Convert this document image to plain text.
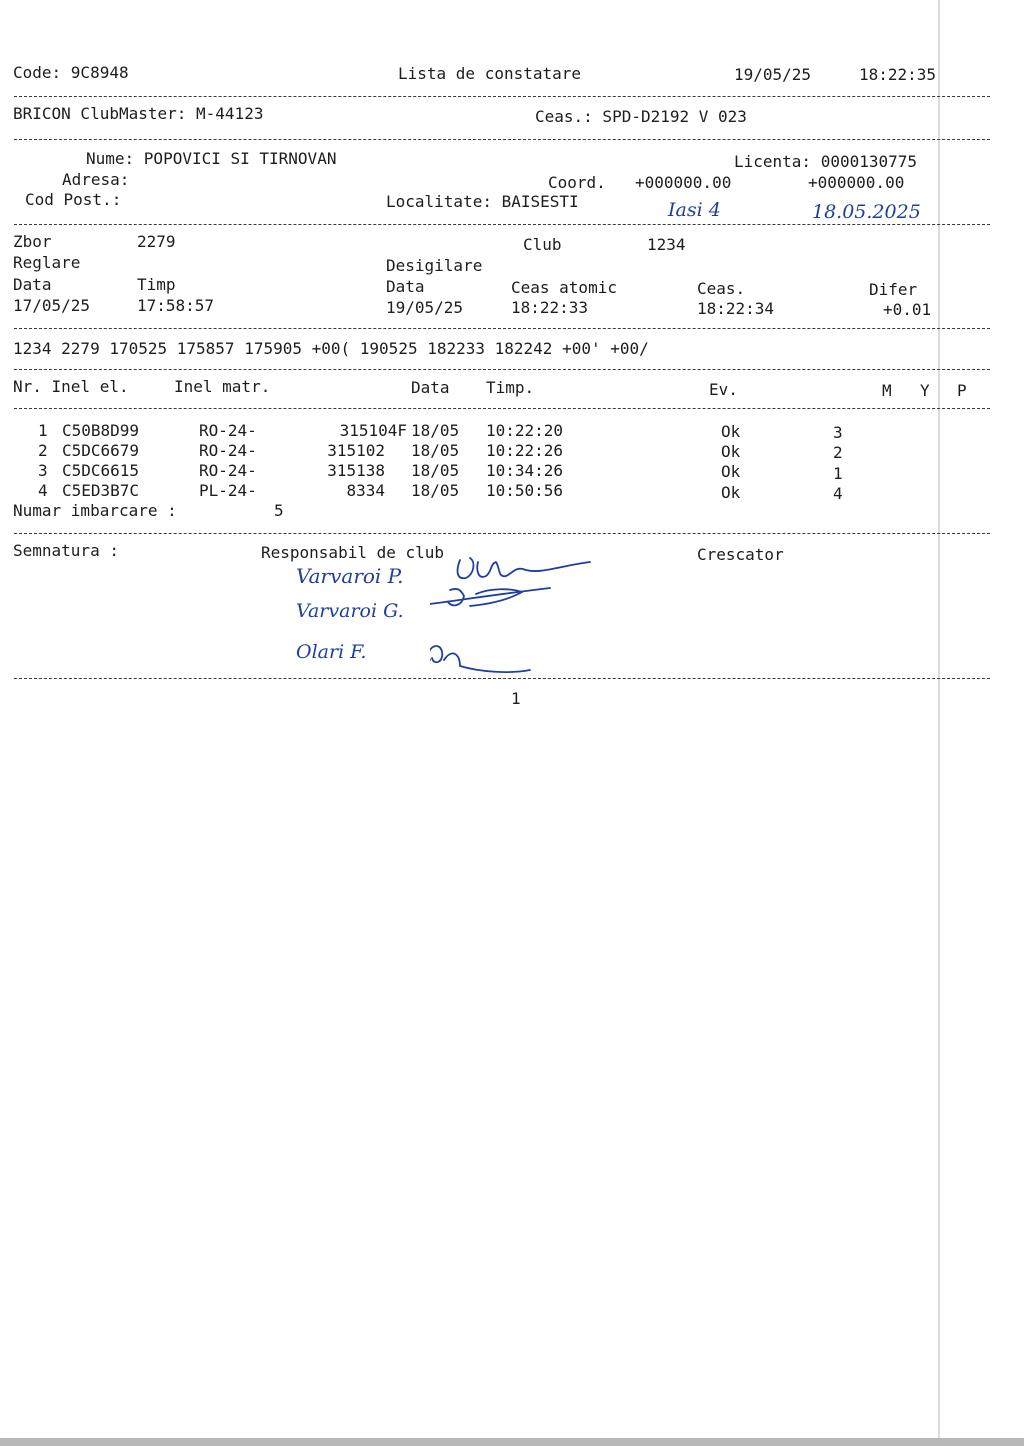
Code: 9C8948	Lista de constatare	19/05/25	18:22:35
BRICON ClubMaster: M-44123	Ceas.: SPD-D2192 V 023
Nume: POPOVICI SI TIRNOVAN	Licenta: 0000130775
Adresa:	Coord. +000000.00	+000000.00
Cod Post.:	Localitate: BAISESTI	Iasi 4	18.05.2025
Zbor	2279	Club	1234
Reglare	Desigilare
Data	Timp	Data	Ceas atomic	Ceas.	Difer
17/05/25	17:58:57	19/05/25	18:22:33	18:22:34	+0.01
1234 2279 170525 175857 175905 +00( 190525 182233 182242 +00' +00/
Nr. Inel el.	Inel matr.	Data Timp.	Ev.	M Y P
1 C50B8D99	RO-24-	315104F 18/05 10:22:20	Ok	3
2 C5DC6679	RO-24-	315102 18/05 10:22:26	Ok	2
3 C5DC6615	RO-24-	315138 18/05 10:34:26	Ok	1
4 C5ED3B7C	PL-24-	8334 18/05 10:50:56	Ok	4
Numar imbarcare :	5
Semnatura :	Responsabil de club	Crescator
Varvaroi P.
Varvaroi G.
Olari F.
1
